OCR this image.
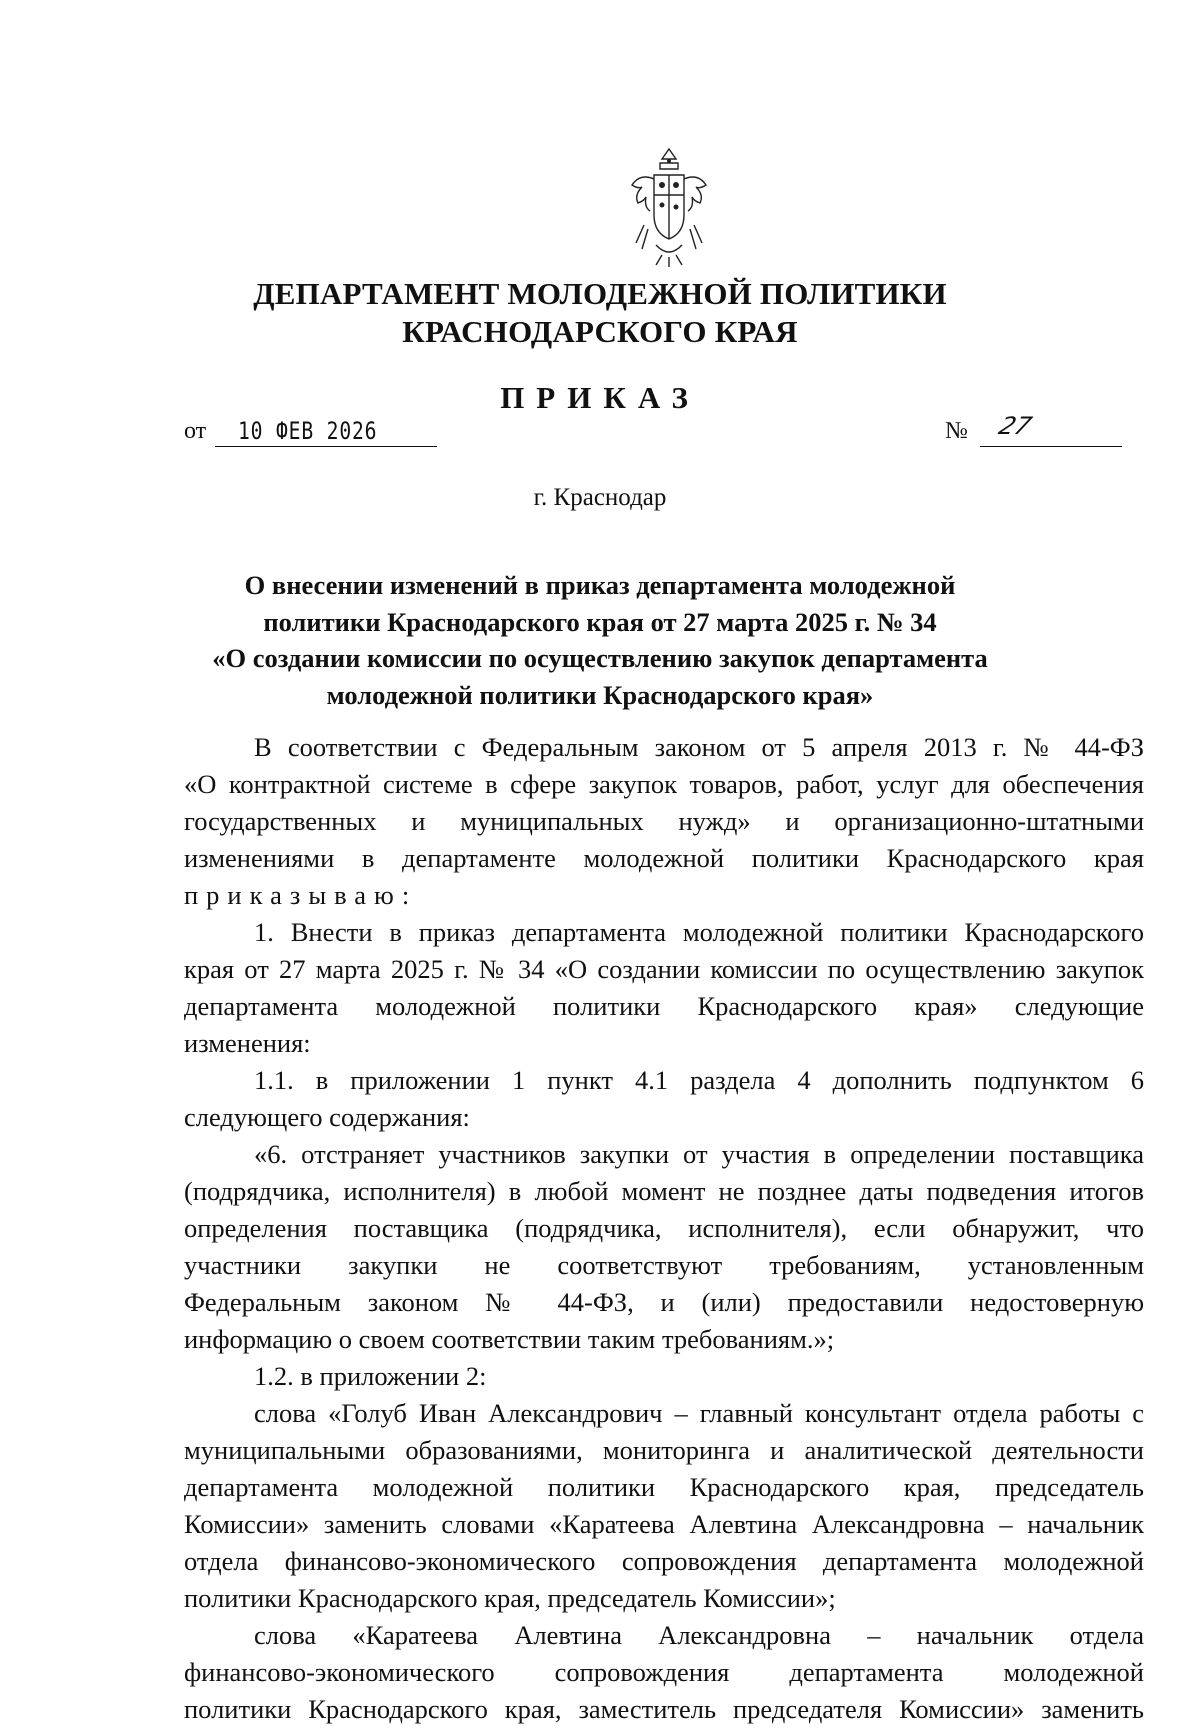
ДЕПАРТАМЕНТ МОЛОДЕЖНОЙ ПОЛИТИКИ
КРАСНОДАРСКОГО КРАЯ
ПРИКАЗ
от 10 ФЕВ 2026	№ 27
г. Краснодар
О внесении изменений в приказ департамента молодежной
политики Краснодарского края от 27 марта 2025 г. № 34
«О создании комиссии по осуществлению закупок департамента
молодежной политики Краснодарского края»
В соответствии с Федеральным законом от 5 апреля 2013 г. № 44-ФЗ
«О контрактной системе в сфере закупок товаров, работ, услуг для обеспечения
государственных и муниципальных нужд» и организационно-штатными
изменениями в департаменте молодежной политики Краснодарского края
приказываю:
1. Внести в приказ департамента молодежной политики Краснодарского
края от 27 марта 2025 г. № 34 «О создании комиссии по осуществлению закупок
департамента молодежной политики Краснодарского края» следующие
изменения:
1.1. в приложении 1 пункт 4.1 раздела 4 дополнить подпунктом 6
следующего содержания:
«6. отстраняет участников закупки от участия в определении поставщика
(подрядчика, исполнителя) в любой момент не позднее даты подведения итогов
определения поставщика (подрядчика, исполнителя), если обнаружит, что
участники закупки не соответствуют требованиям, установленным
Федеральным законом № 44-ФЗ, и (или) предоставили недостоверную
информацию о своем соответствии таким требованиям.»;
1.2. в приложении 2:
слова «Голуб Иван Александрович – главный консультант отдела работы с
муниципальными образованиями, мониторинга и аналитической деятельности
департамента молодежной политики Краснодарского края, председатель
Комиссии» заменить словами «Каратеева Алевтина Александровна – начальник
отдела финансово-экономического сопровождения департамента молодежной
политики Краснодарского края, председатель Комиссии»;
слова «Каратеева Алевтина Александровна – начальник отдела
финансово-экономического сопровождения департамента молодежной
политики Краснодарского края, заместитель председателя Комиссии» заменить
